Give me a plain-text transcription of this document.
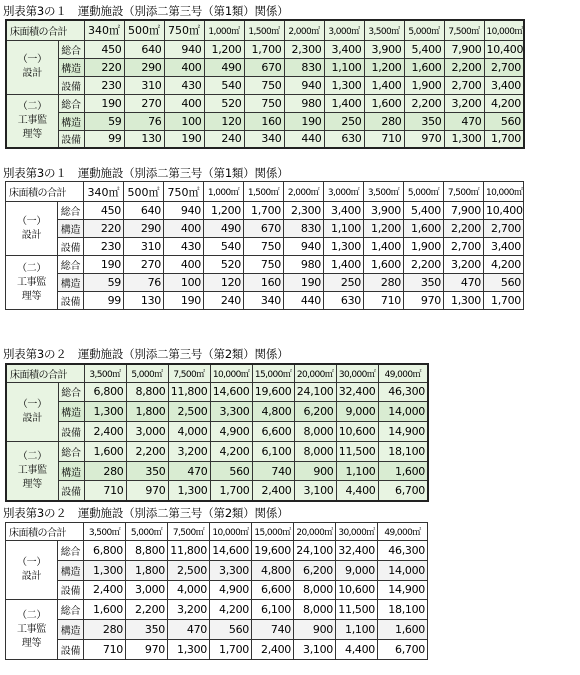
別表第3の１　運動施設（別添二第三号（第1類）関係）
床面積の合計		340㎡	500㎡	750㎡	1,000㎡	1,500㎡	2,000㎡	3,000㎡	3,500㎡	5,000㎡	7,500㎡	10,000㎡

（一）
設計	総合	450	640	940	1,200	1,700	2,300	3,400	3,900	5,400	7,900	10,400
	構造	220	290	400	490	670	830	1,100	1,200	1,600	2,200	2,700
	設備	230	310	430	540	750	940	1,300	1,400	1,900	2,700	3,400

（二）
工事監
理等	総合	190	270	400	520	750	980	1,400	1,600	2,200	3,200	4,200
	構造	59	76	100	120	160	190	250	280	350	470	560
	設備	99	130	190	240	340	440	630	710	970	1,300	1,700
別表第3の１　運動施設（別添二第三号（第1類）関係）
床面積の合計		340㎡	500㎡	750㎡	1,000㎡	1,500㎡	2,000㎡	3,000㎡	3,500㎡	5,000㎡	7,500㎡	10,000㎡

（一）
設計	総合	450	640	940	1,200	1,700	2,300	3,400	3,900	5,400	7,900	10,400
	構造	220	290	400	490	670	830	1,100	1,200	1,600	2,200	2,700
	設備	230	310	430	540	750	940	1,300	1,400	1,900	2,700	3,400

（二）
工事監
理等	総合	190	270	400	520	750	980	1,400	1,600	2,200	3,200	4,200
	構造	59	76	100	120	160	190	250	280	350	470	560
	設備	99	130	190	240	340	440	630	710	970	1,300	1,700
別表第3の２　運動施設（別添二第三号（第2類）関係）
床面積の合計		3,500㎡	5,000㎡	7,500㎡	10,000㎡	15,000㎡	20,000㎡	30,000㎡	49,000㎡

（一）
設計	総合	6,800	8,800	11,800	14,600	19,600	24,100	32,400	46,300
	構造	1,300	1,800	2,500	3,300	4,800	6,200	9,000	14,000
	設備	2,400	3,000	4,000	4,900	6,600	8,000	10,600	14,900

（二）
工事監
理等	総合	1,600	2,200	3,200	4,200	6,100	8,000	11,500	18,100
	構造	280	350	470	560	740	900	1,100	1,600
	設備	710	970	1,300	1,700	2,400	3,100	4,400	6,700
別表第3の２　運動施設（別添二第三号（第2類）関係）
床面積の合計		3,500㎡	5,000㎡	7,500㎡	10,000㎡	15,000㎡	20,000㎡	30,000㎡	49,000㎡

（一）
設計	総合	6,800	8,800	11,800	14,600	19,600	24,100	32,400	46,300
	構造	1,300	1,800	2,500	3,300	4,800	6,200	9,000	14,000
	設備	2,400	3,000	4,000	4,900	6,600	8,000	10,600	14,900

（二）
工事監
理等	総合	1,600	2,200	3,200	4,200	6,100	8,000	11,500	18,100
	構造	280	350	470	560	740	900	1,100	1,600
	設備	710	970	1,300	1,700	2,400	3,100	4,400	6,700
